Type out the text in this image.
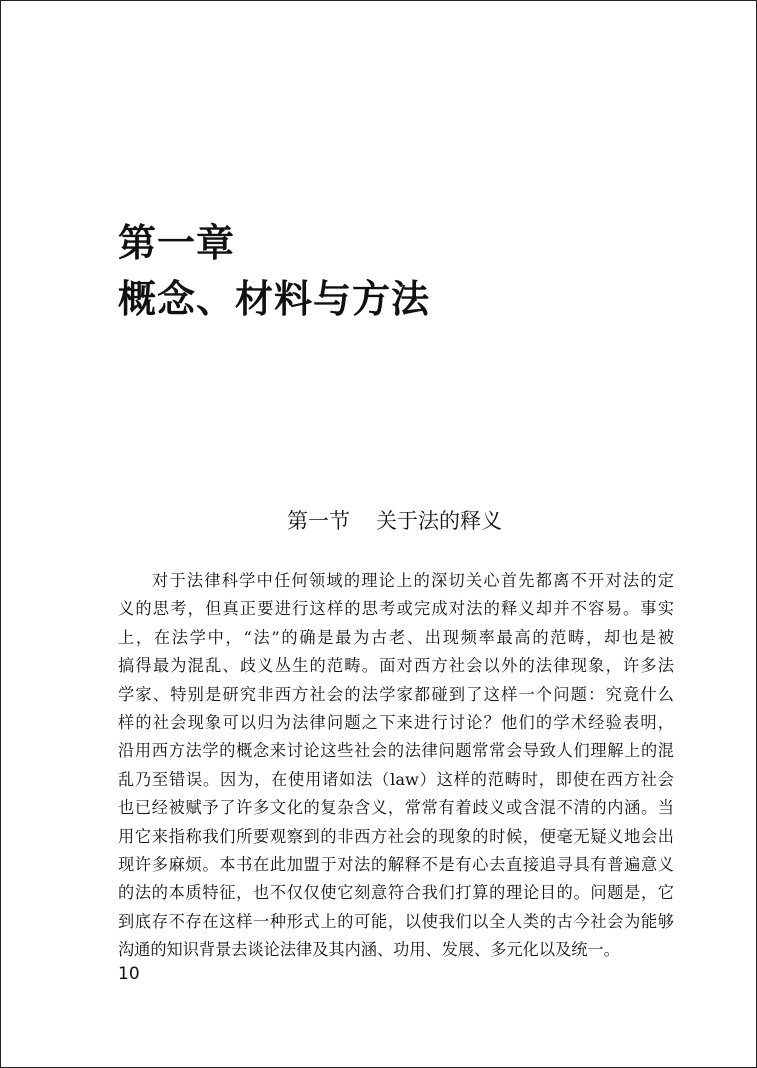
第一章
概念、材料与方法
第一节 关于法的释义
对于法律科学中任何领域的理论上的深切关心首先都离不开对法的定
义的思考，但真正要进行这样的思考或完成对法的释义却并不容易。事实
上，在法学中，“法”的确是最为古老、出现频率最高的范畴，却也是被
搞得最为混乱、歧义丛生的范畴。面对西方社会以外的法律现象，许多法
学家、特别是研究非西方社会的法学家都碰到了这样一个问题：究竟什么
样的社会现象可以归为法律问题之下来进行讨论？他们的学术经验表明，
沿用西方法学的概念来讨论这些社会的法律问题常常会导致人们理解上的混
乱乃至错误。因为，在使用诸如法（law）这样的范畴时，即使在西方社会
也已经被赋予了许多文化的复杂含义，常常有着歧义或含混不清的内涵。当
用它来指称我们所要观察到的非西方社会的现象的时候，便毫无疑义地会出
现许多麻烦。本书在此加盟于对法的解释不是有心去直接追寻具有普遍意义
的法的本质特征，也不仅仅使它刻意符合我们打算的理论目的。问题是，它
到底存不存在这样一种形式上的可能，以使我们以全人类的古今社会为能够
沟通的知识背景去谈论法律及其内涵、功用、发展、多元化以及统一。
10
